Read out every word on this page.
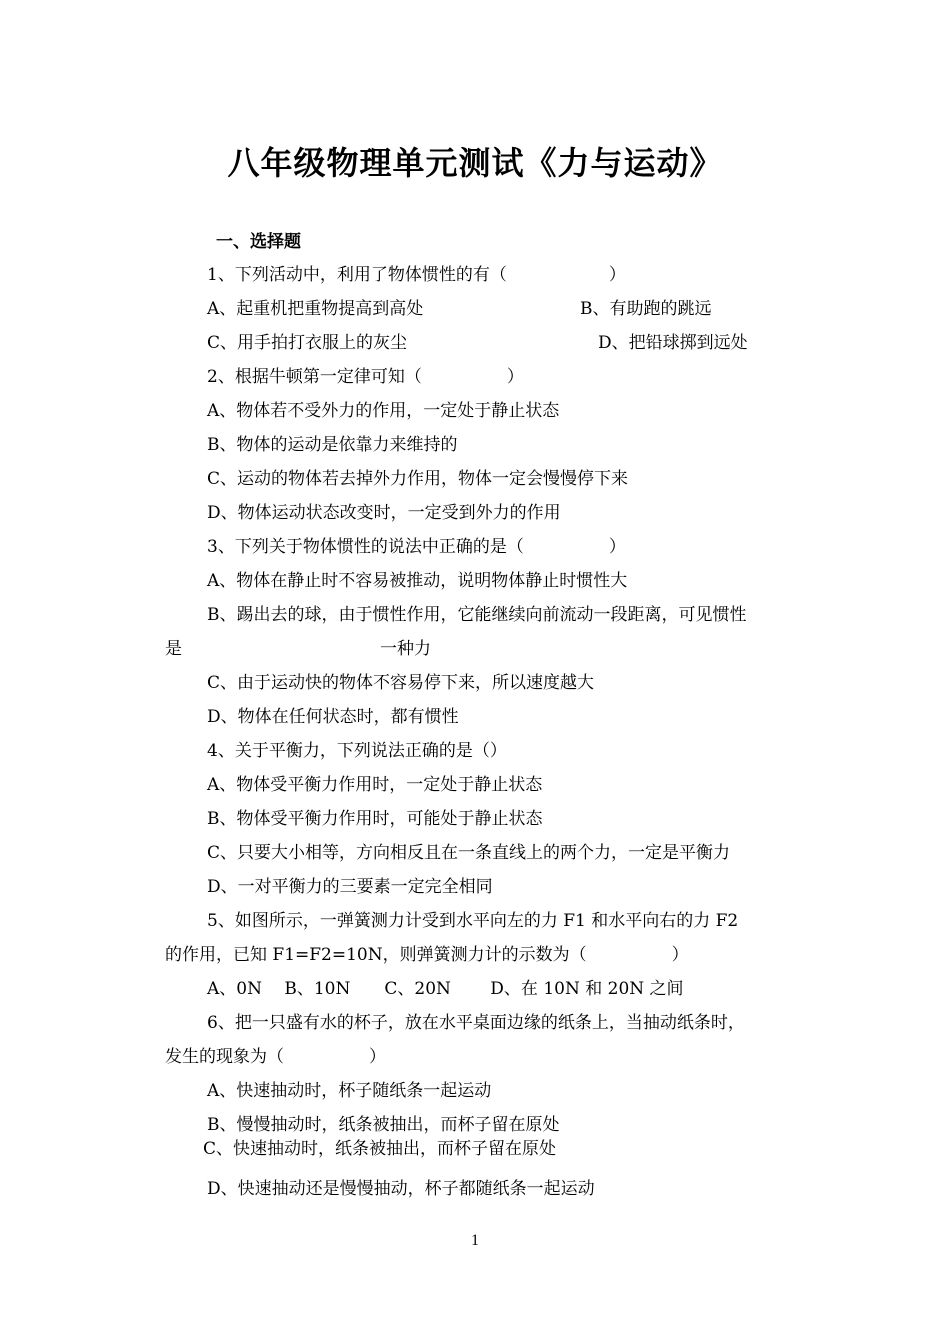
八年级物理单元测试《力与运动》
一、选择题
1、下列活动中，利用了物体惯性的有（　　　　　　）
A、起重机把重物提高到高处	B、有助跑的跳远
C、用手拍打衣服上的灰尘	D、把铅球掷到远处
2、根据牛顿第一定律可知（　　　　　）
A、物体若不受外力的作用，一定处于静止状态
B、物体的运动是依靠力来维持的
C、运动的物体若去掉外力作用，物体一定会慢慢停下来
D、物体运动状态改变时，一定受到外力的作用
3、下列关于物体惯性的说法中正确的是（　　　　　）
A、物体在静止时不容易被推动，说明物体静止时惯性大
B、踢出去的球，由于惯性作用，它能继续向前流动一段距离，可见惯性
是	一种力
C、由于运动快的物体不容易停下来，所以速度越大
D、物体在任何状态时，都有惯性
4、关于平衡力，下列说法正确的是（）
A、物体受平衡力作用时，一定处于静止状态
B、物体受平衡力作用时，可能处于静止状态
C、只要大小相等，方向相反且在一条直线上的两个力，一定是平衡力
D、一对平衡力的三要素一定完全相同
5、如图所示，一弹簧测力计受到水平向左的力 F1 和水平向右的力 F2
的作用，已知 F1=F2=10N，则弹簧测力计的示数为（　　　　　）
A、0N　 B、10N　　C、20N　　 D、在 10N 和 20N 之间
6、把一只盛有水的杯子，放在水平桌面边缘的纸条上，当抽动纸条时，
发生的现象为（　　　　　）
A、快速抽动时，杯子随纸条一起运动
B、慢慢抽动时，纸条被抽出，而杯子留在原处
C、快速抽动时，纸条被抽出，而杯子留在原处
D、快速抽动还是慢慢抽动，杯子都随纸条一起运动
1
